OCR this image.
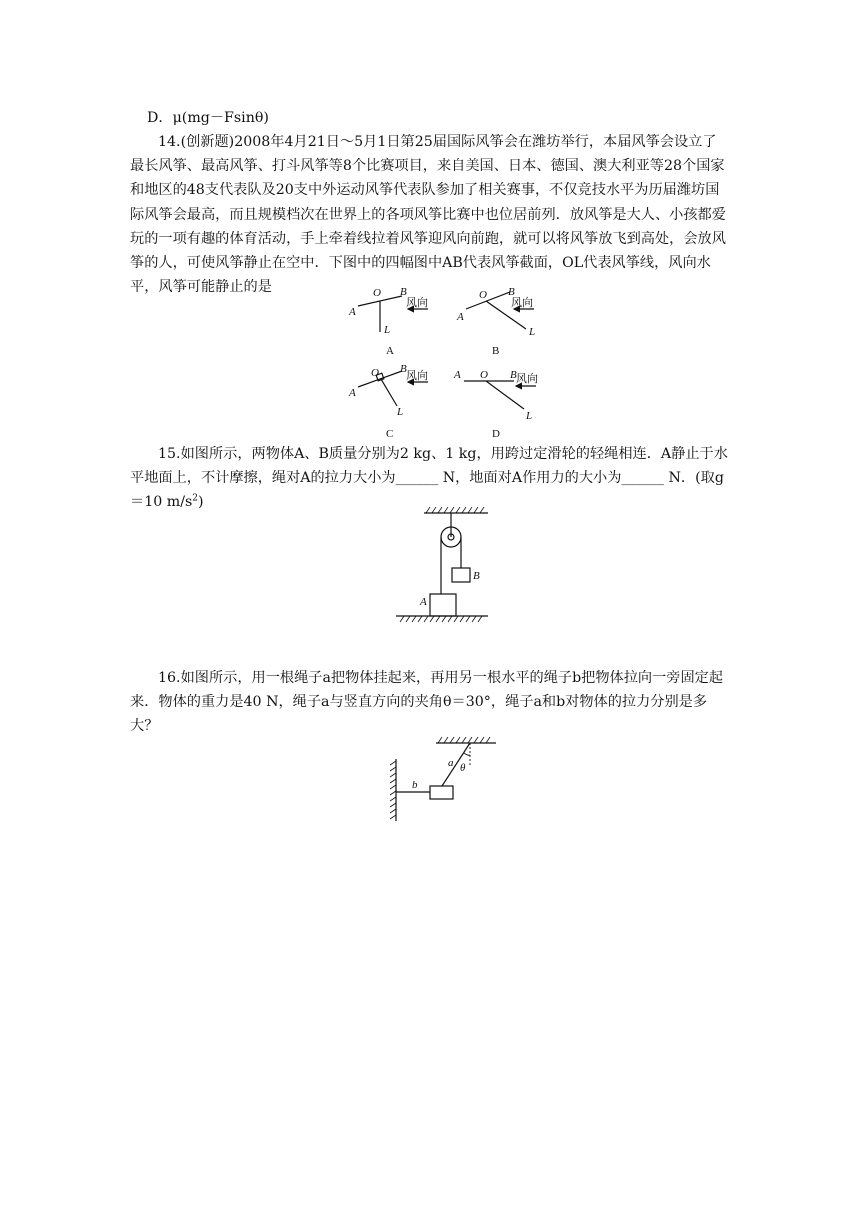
D．μ(mg－Fsinθ)
14.(创新题)2008年4月21日～5月1日第25届国际风筝会在潍坊举行，本届风筝会设立了最长风筝、最高风筝、打斗风筝等8个比赛项目，来自美国、日本、德国、澳大利亚等28个国家和地区的48支代表队及20支中外运动风筝代表队参加了相关赛事，不仅竞技水平为历届潍坊国际风筝会最高，而且规模档次在世界上的各项风筝比赛中也位居前列．放风筝是大人、小孩都爱玩的一项有趣的体育活动，手上牵着线拉着风筝迎风向前跑，就可以将风筝放飞到高处，会放风筝的人，可使风筝静止在空中．下图中的四幅图中AB代表风筝截面，OL代表风筝线，风向水平，风筝可能静止的是
A
O B
L
风向
A
A
O B
L
风向
B
A
O B
L
风向
C
A O B
L
风向
D
15.如图所示，两物体A、B质量分别为2 kg、1 kg，用跨过定滑轮的轻绳相连．A静止于水平地面上，不计摩擦，绳对A的拉力大小为______ N，地面对A作用力的大小为______ N．(取g＝10 $m/s^2$)
B
A
16.如图所示，用一根绳子a把物体挂起来，再用另一根水平的绳子b把物体拉向一旁固定起来．物体的重力是40 N，绳子a与竖直方向的夹角θ＝30°，绳子a和b对物体的拉力分别是多大？
a θ
b
